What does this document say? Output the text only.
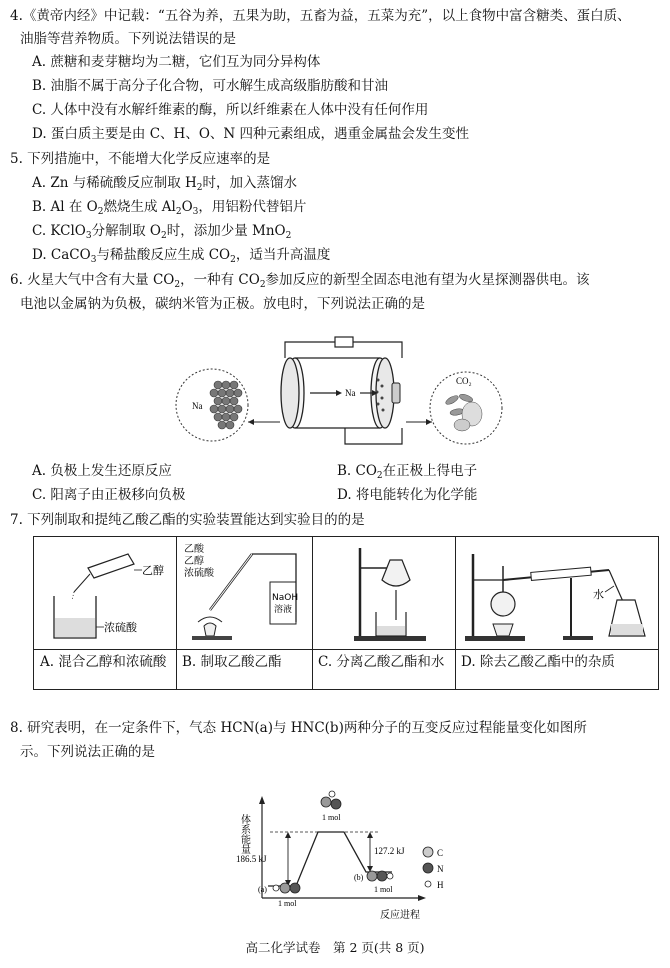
4.《黄帝内经》中记载：“五谷为养，五果为助，五畜为益，五菜为充”，以上食物中富含糖类、蛋白质、
油脂等营养物质。下列说法错误的是
A. 蔗糖和麦芽糖均为二糖，它们互为同分异构体
B. 油脂不属于高分子化合物，可水解生成高级脂肪酸和甘油
C. 人体中没有水解纤维素的酶，所以纤维素在人体中没有任何作用
D. 蛋白质主要是由 C、H、O、N 四种元素组成，遇重金属盐会发生变性
5. 下列措施中，不能增大化学反应速率的是
A. Zn 与稀硫酸反应制取 $H_2$时，加入蒸馏水
B. Al 在 $O_2$燃烧生成 $Al_2O_3$，用铝粉代替铝片
C. KClO$_3$分解制取 $O_2$时，添加少量 MnO$_2$
D. CaCO$_3$与稀盐酸反应生成 $CO_2$，适当升高温度
6. 火星大气中含有大量 $CO_2$，一种有 $CO_2$参加反应的新型全固态电池有望为火星探测器供电。该
电池以金属钠为负极，碳纳米管为正极。放电时，下列说法正确的是
Na
Na
CO₂
A. 负极上发生还原反应	B. $CO_2$在正极上得电子
C. 阳离子由正极移向负极	D. 将电能转化为化学能
7. 下列制取和提纯乙酸乙酯的实验装置能达到实验目的的是
乙醇
浓硫酸
乙酸
乙醇
浓硫酸
NaOH
溶液
水
A. 混合乙醇和浓硫酸	B. 制取乙酸乙酯	C. 分离乙酸乙酯和水	D. 除去乙酸乙酯中的杂质
8. 研究表明，在一定条件下，气态 HCN(a)与 HNC(b)两种分子的互变反应过程能量变化如图所
示。下列说法正确的是
体系能量
反应进程
186.5 kJ
127.2 kJ
1 mol
(a)
1 mol
(b)
1 mol
C
N
H
高二化学试卷　第 2 页(共 8 页)
